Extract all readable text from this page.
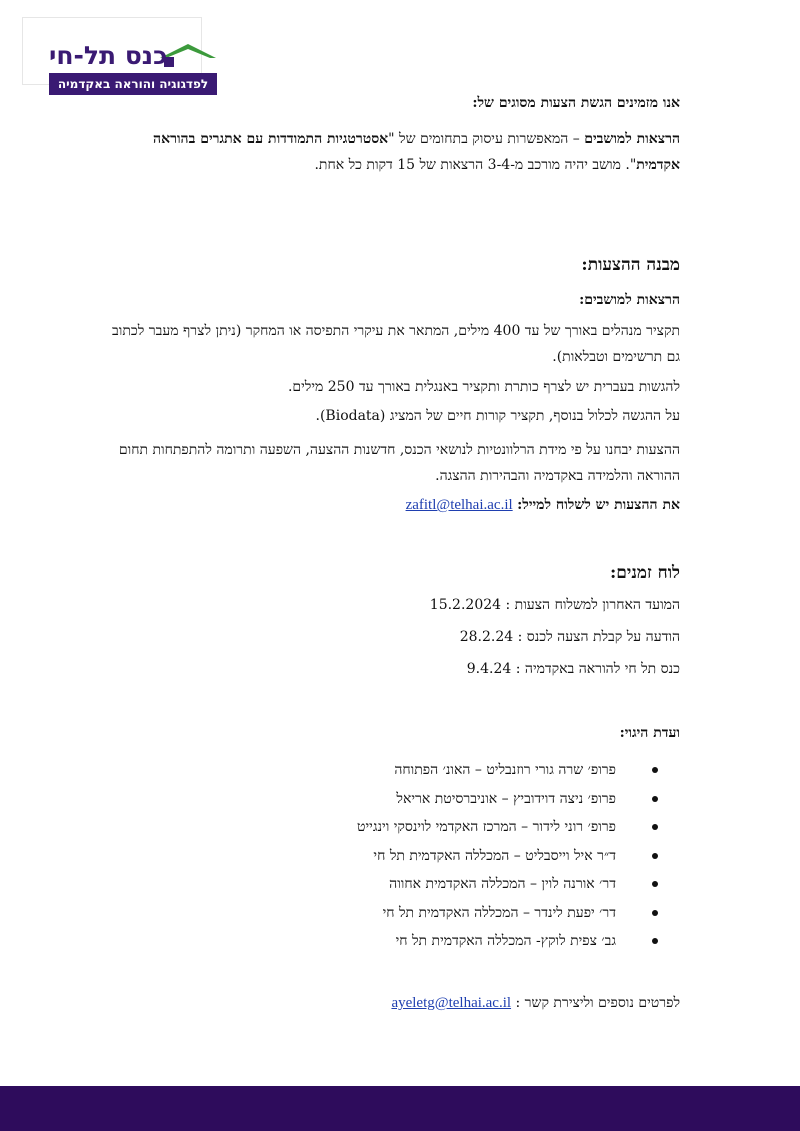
כנס תל-חי
לפדגוגיה והוראה באקדמיה
אנו מזמינים הגשת הצעות מסוגים של:
הרצאות למושבים – המאפשרות עיסוק בתחומים של "אסטרטגיות התמודדות עם אתגרים בהוראה אקדמית". מושב יהיה מורכב מ-3-4 הרצאות של 15 דקות כל אחת.
מבנה ההצעות:
הרצאות למושבים:
תקציר מנהלים באורך של עד 400 מילים, המתאר את עיקרי התפיסה או המחקר (ניתן לצרף מעבר לכתוב גם תרשימים וטבלאות).
להגשות בעברית יש לצרף כותרת ותקציר באנגלית באורך עד 250 מילים.
על ההגשה לכלול בנוסף, תקציר קורות חיים של המציג (Biodata).
ההצעות יבחנו על פי מידת הרלוונטיות לנושאי הכנס, חדשנות ההצעה, השפעה ותרומה להתפתחות תחום ההוראה והלמידה באקדמיה והבהירות ההצגה.
את ההצעות יש לשלוח למייל: zafitl@telhai.ac.il
לוח זמנים:
המועד האחרון למשלוח הצעות : 15.2.2024
הודעה על קבלת הצעה לכנס : 28.2.24
כנס תל חי להוראה באקדמיה : 9.4.24
ועדת היגוי:
פרופ׳ שרה גורי רוזנבליט – האונ׳ הפתוחה
פרופ׳ ניצה דוידוביץ – אוניברסיטת אריאל
פרופ׳ רוני לידור – המרכז האקדמי לוינסקי וינגייט
ד״ר איל וייסבליט – המכללה האקדמית תל חי
דר׳ אורנה לוין – המכללה האקדמית אחווה
דר׳ יפעת לינדר – המכללה האקדמית תל חי
גב׳ צפית לוקץ- המכללה האקדמית תל חי
לפרטים נוספים וליצירת קשר : ayeletg@telhai.ac.il
